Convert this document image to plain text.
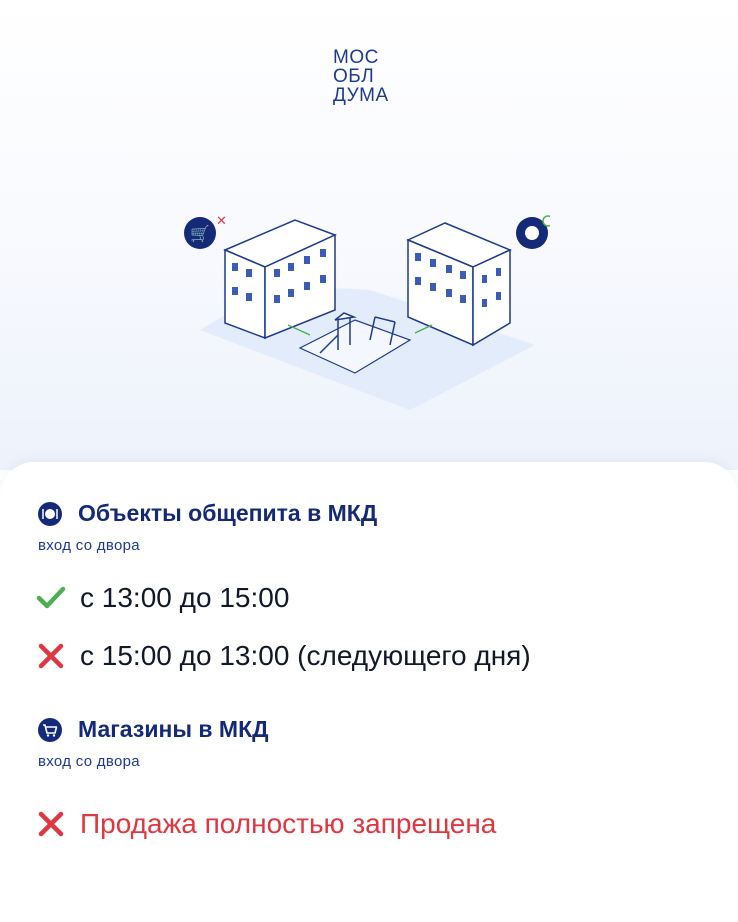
МОС
ОБЛ
ДУМА
🛒
✕
Объекты общепита в МКД
вход со двора
с 13:00 до 15:00
с 15:00 до 13:00 (следующего дня)
Магазины в МКД
вход со двора
Продажа полностью запрещена
